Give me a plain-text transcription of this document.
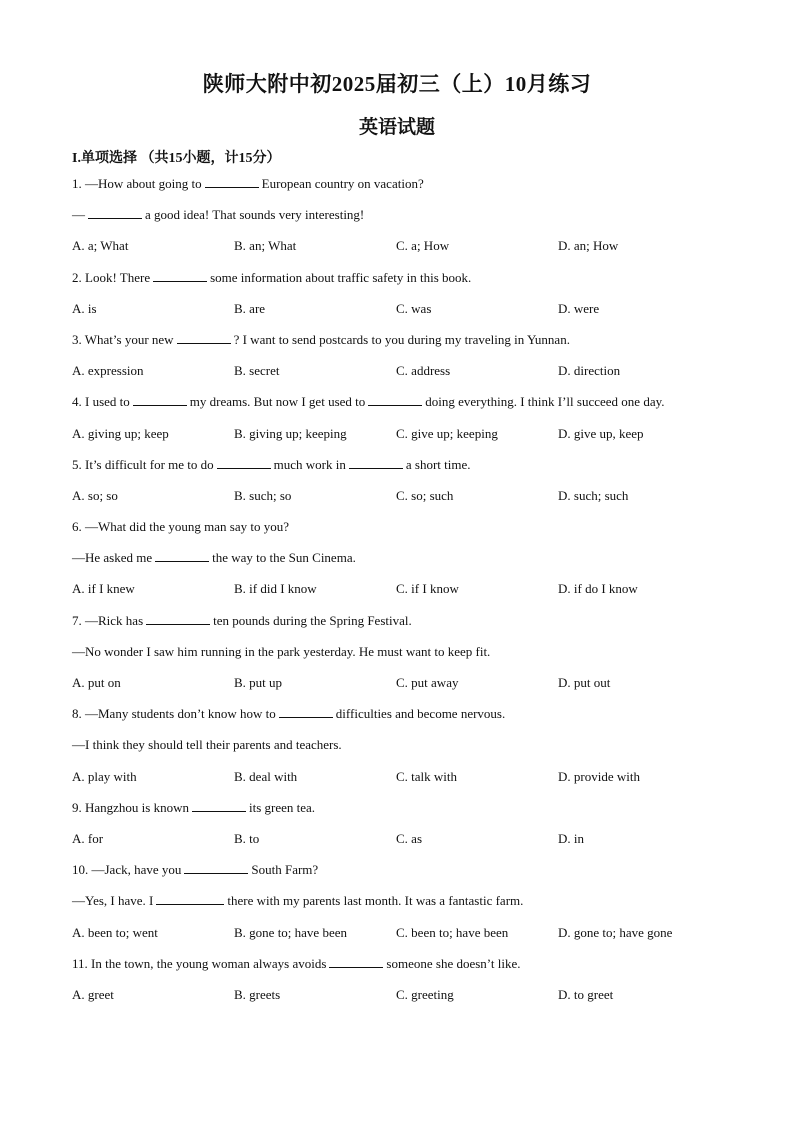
陕师大附中初2025届初三（上）10月练习
英语试题
I.单项选择 （共15小题，计15分）
1. —How about going to	European country on vacation?
—	a good idea! That sounds very interesting!
A. a; What	B. an; What	C. a; How	D. an; How
2. Look! There	some information about traffic safety in this book.
A. is	B. are	C. was	D. were
3. What’s your new	? I want to send postcards to you during my traveling in Yunnan.
A. expression	B. secret	C. address	D. direction
4. I used to	my dreams. But now I get used to	doing everything. I think I’ll succeed one day.
A. giving up; keep	B. giving up; keeping	C. give up; keeping	D. give up, keep
5. It’s difficult for me to do	much work in	a short time.
A. so; so	B. such; so	C. so; such	D. such; such
6. —What did the young man say to you?
—He asked me	the way to the Sun Cinema.
A. if I knew	B. if did I know	C. if I know	D. if do I know
7. —Rick has	ten pounds during the Spring Festival.
—No wonder I saw him running in the park yesterday. He must want to keep fit.
A. put on	B. put up	C. put away	D. put out
8. —Many students don’t know how to	difficulties and become nervous.
—I think they should tell their parents and teachers.
A. play with	B. deal with	C. talk with	D. provide with
9. Hangzhou is known	its green tea.
A. for	B. to	C. as	D. in
10. —Jack, have you	South Farm?
—Yes, I have. I	there with my parents last month. It was a fantastic farm.
A. been to; went	B. gone to; have been	C. been to; have been	D. gone to; have gone
11. In the town, the young woman always avoids	someone she doesn’t like.
A. greet	B. greets	C. greeting	D. to greet
